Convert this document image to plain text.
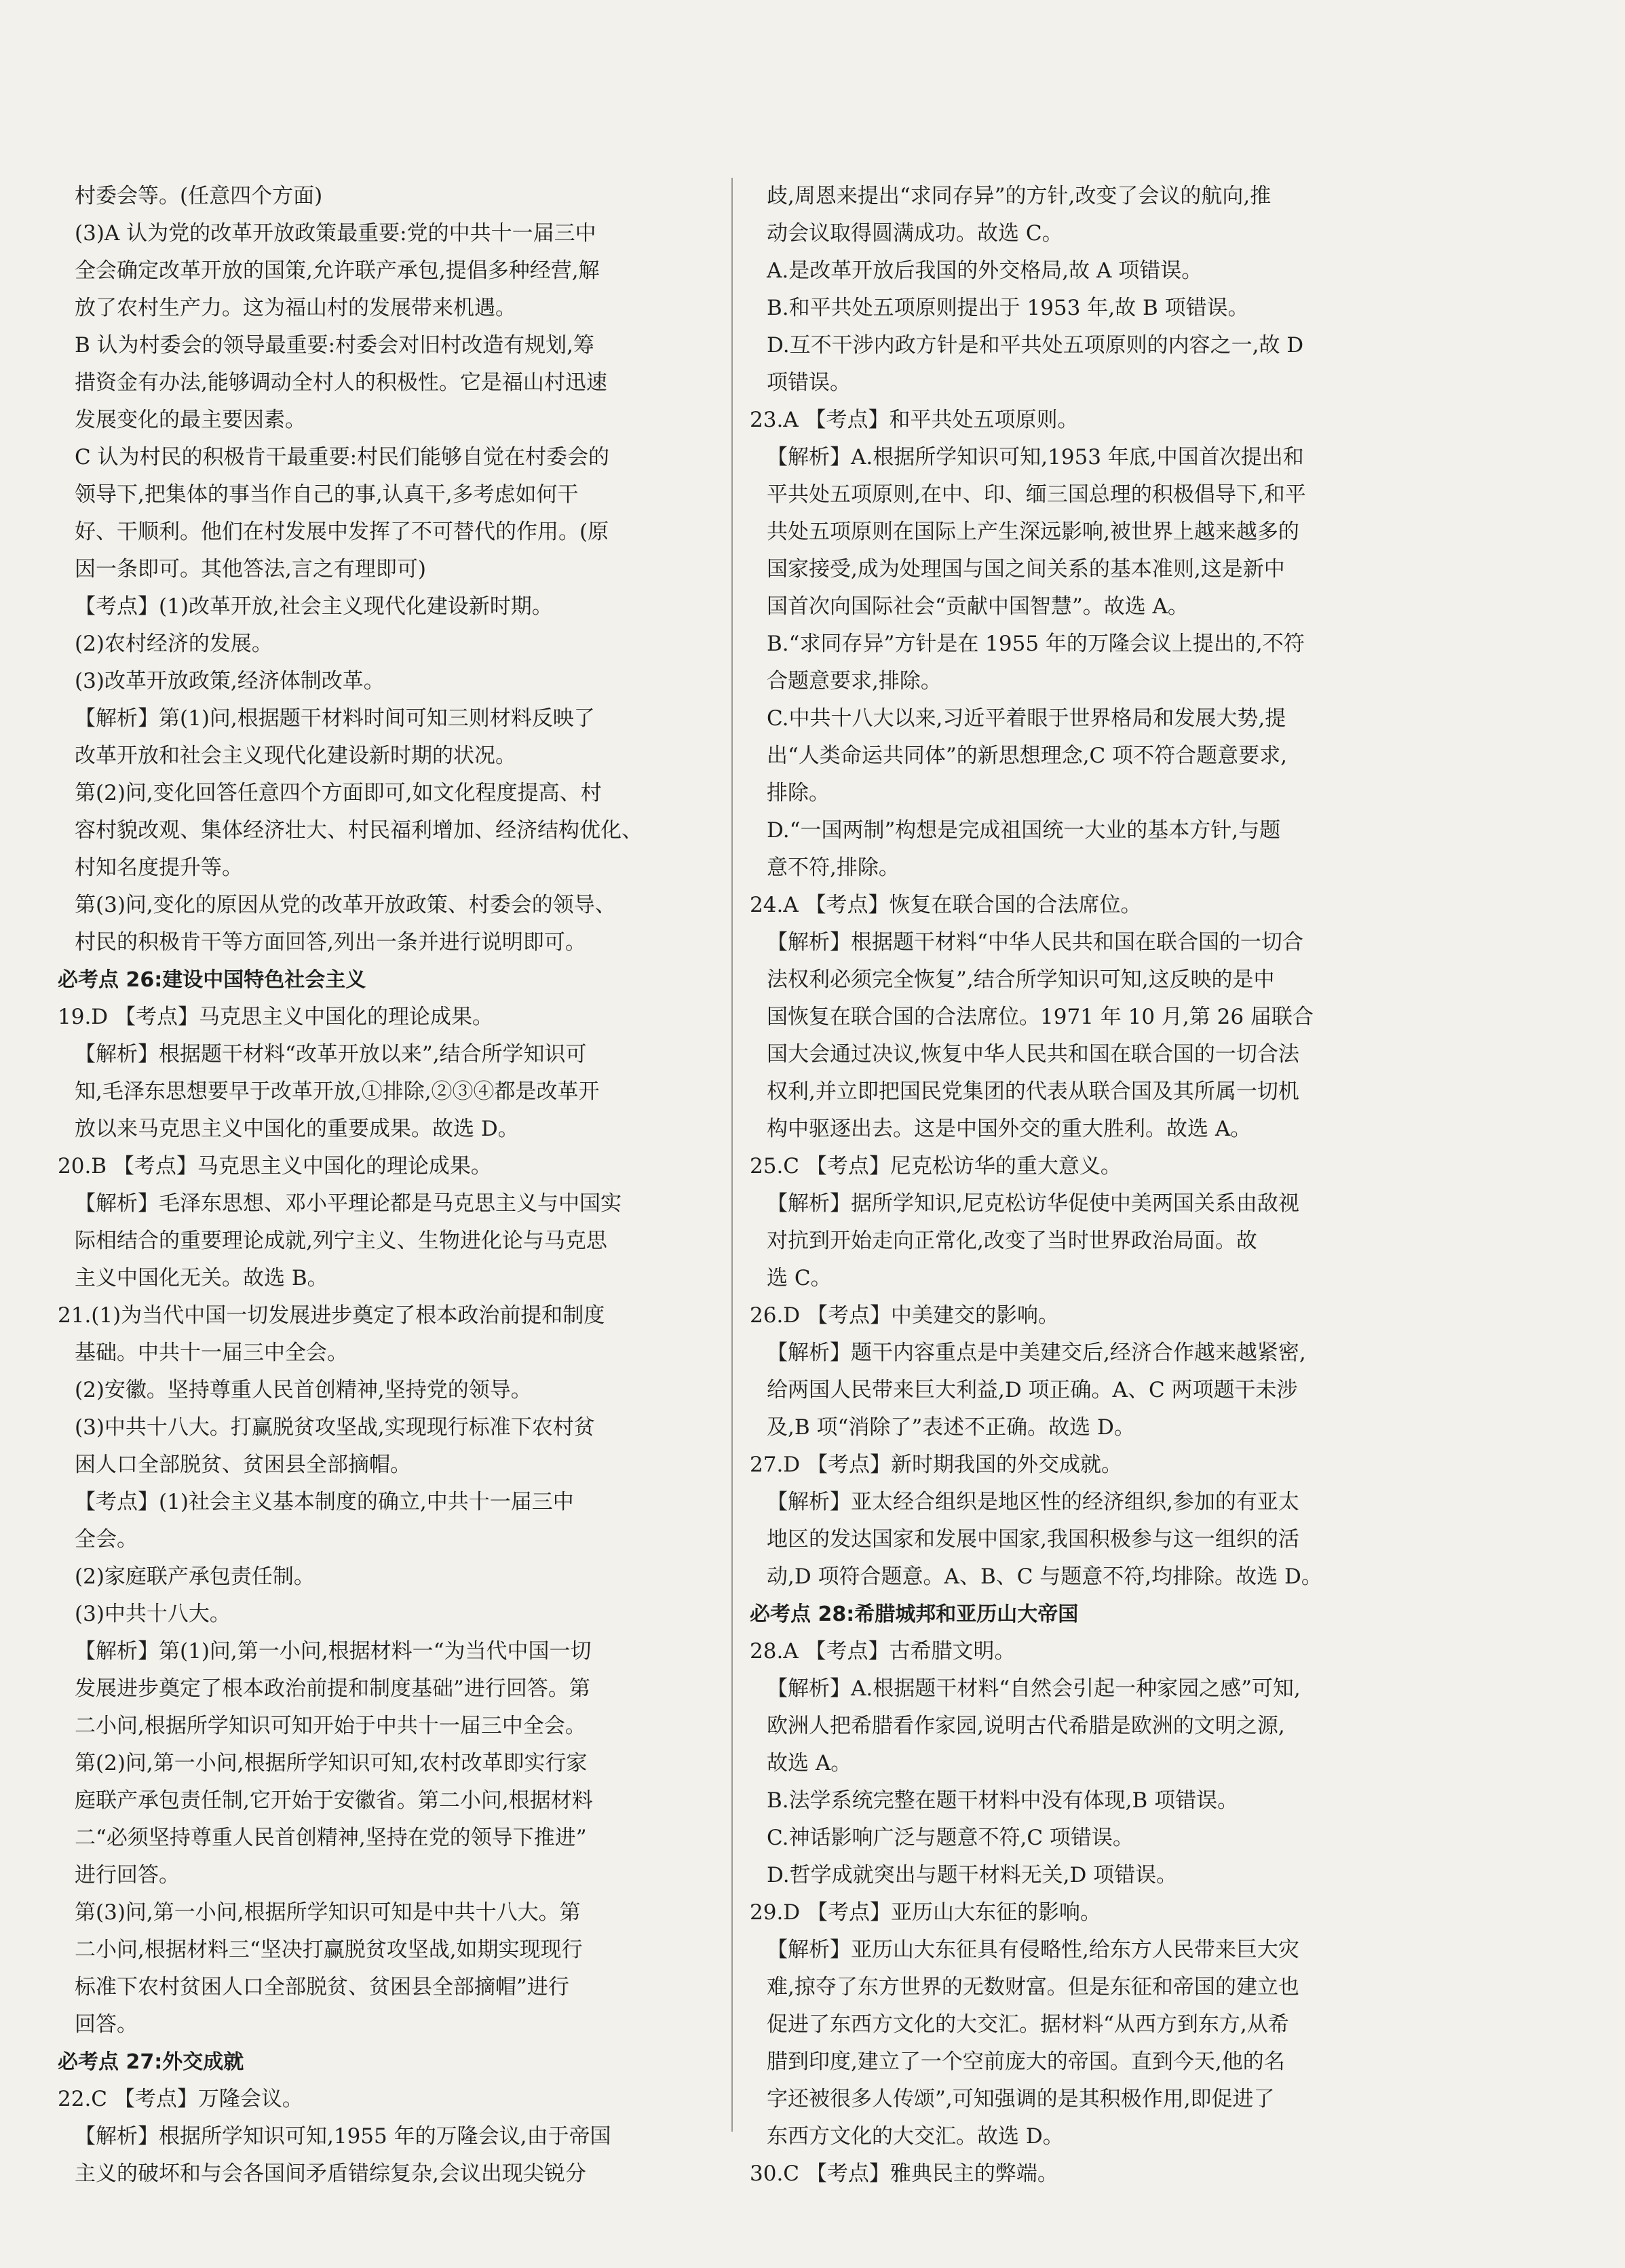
村委会等。(任意四个方面)

(3)A 认为党的改革开放政策最重要:党的中共十一届三中

全会确定改革开放的国策,允许联产承包,提倡多种经营,解

放了农村生产力。这为福山村的发展带来机遇。

B 认为村委会的领导最重要:村委会对旧村改造有规划,筹

措资金有办法,能够调动全村人的积极性。它是福山村迅速

发展变化的最主要因素。

C 认为村民的积极肯干最重要:村民们能够自觉在村委会的

领导下,把集体的事当作自己的事,认真干,多考虑如何干

好、干顺利。他们在村发展中发挥了不可替代的作用。(原

因一条即可。其他答法,言之有理即可)

【考点】(1)改革开放,社会主义现代化建设新时期。

(2)农村经济的发展。

(3)改革开放政策,经济体制改革。

【解析】第(1)问,根据题干材料时间可知三则材料反映了

改革开放和社会主义现代化建设新时期的状况。

第(2)问,变化回答任意四个方面即可,如文化程度提高、村

容村貌改观、集体经济壮大、村民福利增加、经济结构优化、

村知名度提升等。

第(3)问,变化的原因从党的改革开放政策、村委会的领导、

村民的积极肯干等方面回答,列出一条并进行说明即可。

必考点 26:建设中国特色社会主义

19.D 【考点】马克思主义中国化的理论成果。

【解析】根据题干材料“改革开放以来”,结合所学知识可

知,毛泽东思想要早于改革开放,①排除,②③④都是改革开

放以来马克思主义中国化的重要成果。故选 D。

20.B 【考点】马克思主义中国化的理论成果。

【解析】毛泽东思想、邓小平理论都是马克思主义与中国实

际相结合的重要理论成就,列宁主义、生物进化论与马克思

主义中国化无关。故选 B。

21.(1)为当代中国一切发展进步奠定了根本政治前提和制度

基础。中共十一届三中全会。

(2)安徽。坚持尊重人民首创精神,坚持党的领导。

(3)中共十八大。打赢脱贫攻坚战,实现现行标准下农村贫

困人口全部脱贫、贫困县全部摘帽。

【考点】(1)社会主义基本制度的确立,中共十一届三中

全会。

(2)家庭联产承包责任制。

(3)中共十八大。

【解析】第(1)问,第一小问,根据材料一“为当代中国一切

发展进步奠定了根本政治前提和制度基础”进行回答。第

二小问,根据所学知识可知开始于中共十一届三中全会。

第(2)问,第一小问,根据所学知识可知,农村改革即实行家

庭联产承包责任制,它开始于安徽省。第二小问,根据材料

二“必须坚持尊重人民首创精神,坚持在党的领导下推进”

进行回答。

第(3)问,第一小问,根据所学知识可知是中共十八大。第

二小问,根据材料三“坚决打赢脱贫攻坚战,如期实现现行

标准下农村贫困人口全部脱贫、贫困县全部摘帽”进行

回答。

必考点 27:外交成就

22.C 【考点】万隆会议。

【解析】根据所学知识可知,1955 年的万隆会议,由于帝国

主义的破坏和与会各国间矛盾错综复杂,会议出现尖锐分

歧,周恩来提出“求同存异”的方针,改变了会议的航向,推

动会议取得圆满成功。故选 C。

A.是改革开放后我国的外交格局,故 A 项错误。

B.和平共处五项原则提出于 1953 年,故 B 项错误。

D.互不干涉内政方针是和平共处五项原则的内容之一,故 D

项错误。

23.A 【考点】和平共处五项原则。

【解析】A.根据所学知识可知,1953 年底,中国首次提出和

平共处五项原则,在中、印、缅三国总理的积极倡导下,和平

共处五项原则在国际上产生深远影响,被世界上越来越多的

国家接受,成为处理国与国之间关系的基本准则,这是新中

国首次向国际社会“贡献中国智慧”。故选 A。

B.“求同存异”方针是在 1955 年的万隆会议上提出的,不符

合题意要求,排除。

C.中共十八大以来,习近平着眼于世界格局和发展大势,提

出“人类命运共同体”的新思想理念,C 项不符合题意要求,

排除。

D.“一国两制”构想是完成祖国统一大业的基本方针,与题

意不符,排除。

24.A 【考点】恢复在联合国的合法席位。

【解析】根据题干材料“中华人民共和国在联合国的一切合

法权利必须完全恢复”,结合所学知识可知,这反映的是中

国恢复在联合国的合法席位。1971 年 10 月,第 26 届联合

国大会通过决议,恢复中华人民共和国在联合国的一切合法

权利,并立即把国民党集团的代表从联合国及其所属一切机

构中驱逐出去。这是中国外交的重大胜利。故选 A。

25.C 【考点】尼克松访华的重大意义。

【解析】据所学知识,尼克松访华促使中美两国关系由敌视

对抗到开始走向正常化,改变了当时世界政治局面。故

选 C。

26.D 【考点】中美建交的影响。

【解析】题干内容重点是中美建交后,经济合作越来越紧密,

给两国人民带来巨大利益,D 项正确。A、C 两项题干未涉

及,B 项“消除了”表述不正确。故选 D。

27.D 【考点】新时期我国的外交成就。

【解析】亚太经合组织是地区性的经济组织,参加的有亚太

地区的发达国家和发展中国家,我国积极参与这一组织的活

动,D 项符合题意。A、B、C 与题意不符,均排除。故选 D。

必考点 28:希腊城邦和亚历山大帝国

28.A 【考点】古希腊文明。

【解析】A.根据题干材料“自然会引起一种家园之感”可知,

欧洲人把希腊看作家园,说明古代希腊是欧洲的文明之源,

故选 A。

B.法学系统完整在题干材料中没有体现,B 项错误。

C.神话影响广泛与题意不符,C 项错误。

D.哲学成就突出与题干材料无关,D 项错误。

29.D 【考点】亚历山大东征的影响。

【解析】亚历山大东征具有侵略性,给东方人民带来巨大灾

难,掠夺了东方世界的无数财富。但是东征和帝国的建立也

促进了东西方文化的大交汇。据材料“从西方到东方,从希

腊到印度,建立了一个空前庞大的帝国。直到今天,他的名

字还被很多人传颂”,可知强调的是其积极作用,即促进了

东西方文化的大交汇。故选 D。

30.C 【考点】雅典民主的弊端。
